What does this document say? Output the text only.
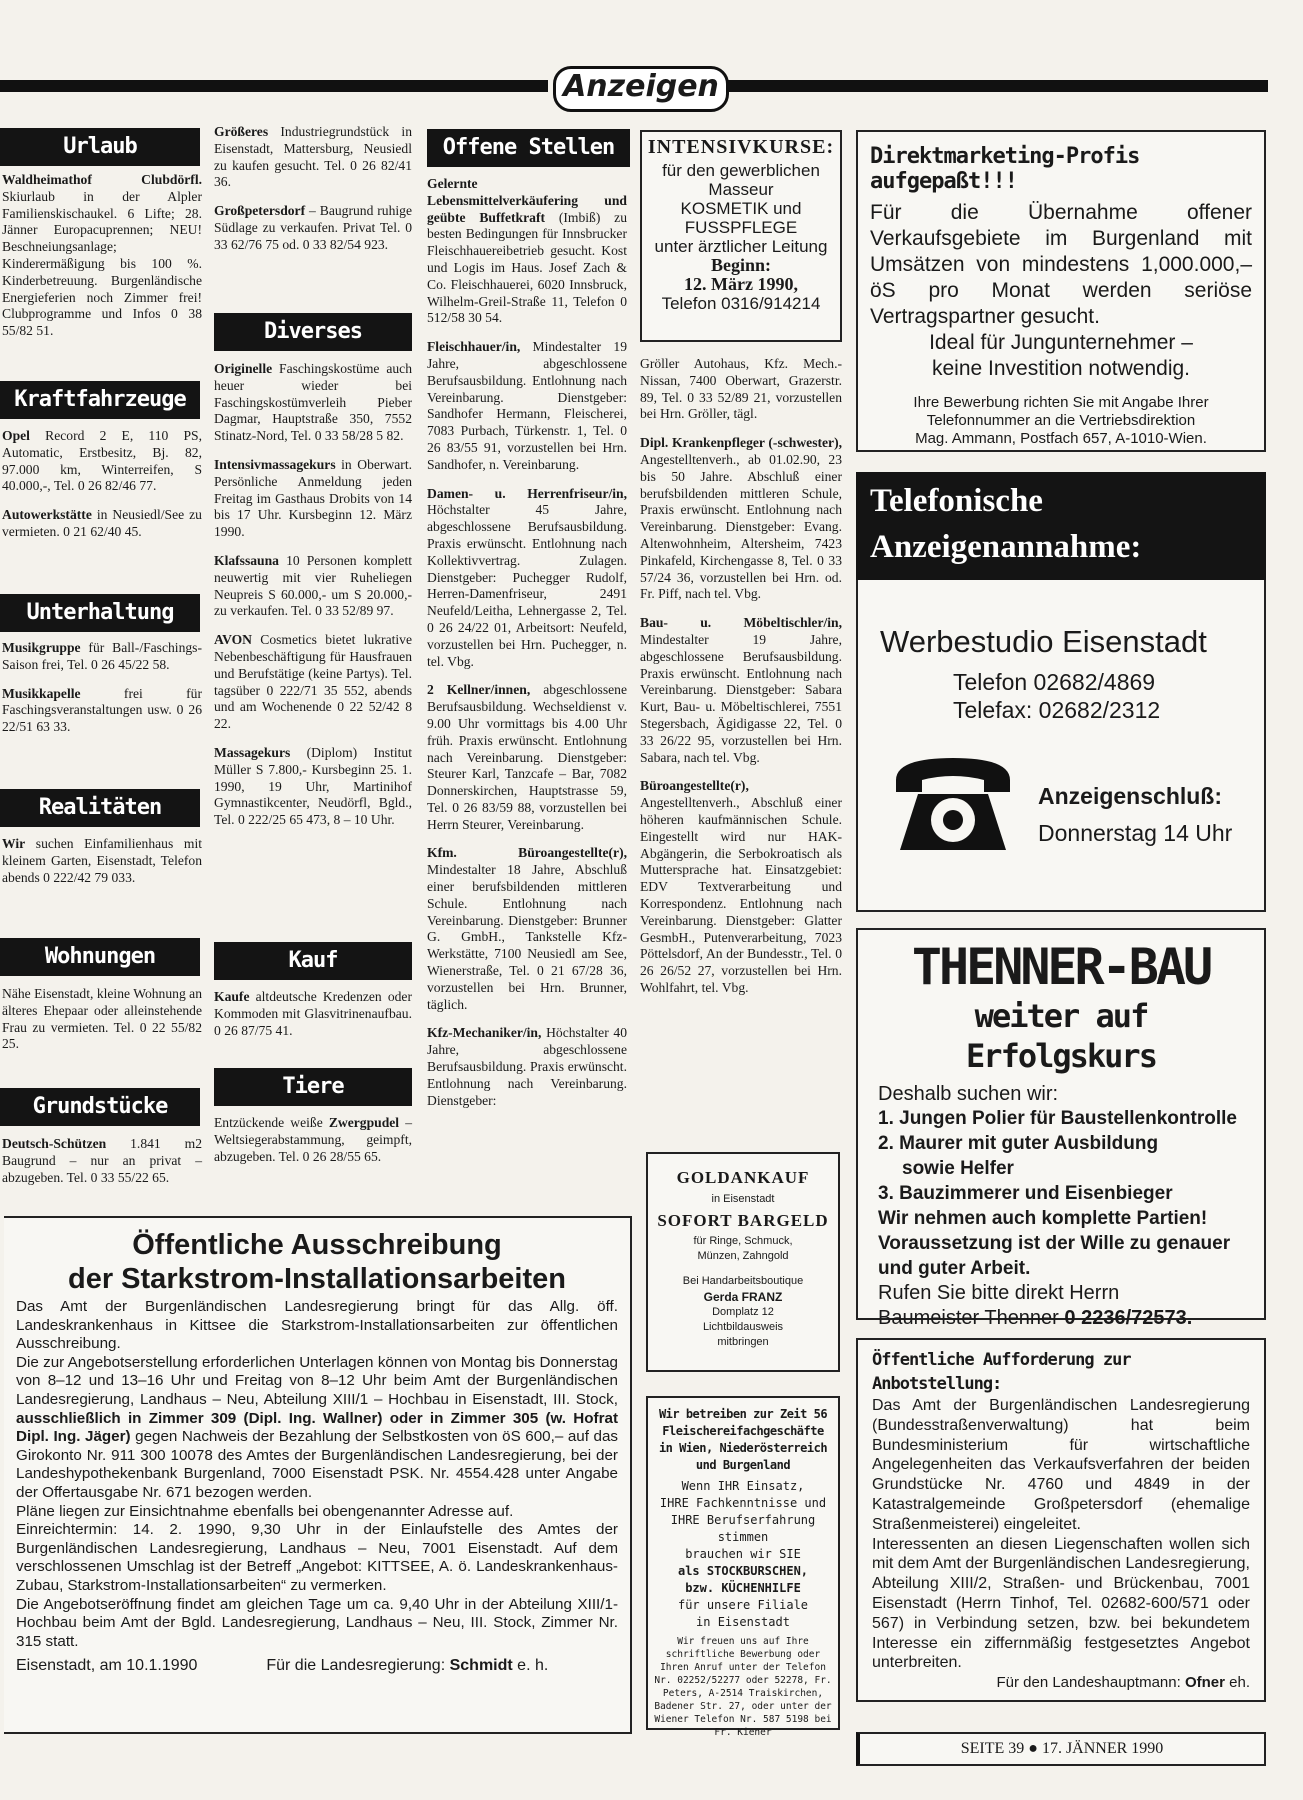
Anzeigen
Urlaub

Waldheimathof Clubdörfl. Skiurlaub in der Alpler Familienskischaukel. 6 Lifte; 28. Jänner Europacuprennen; NEU! Beschneiungsanlage; Kinderermäßigung bis 100 %. Kinderbetreuung. Burgenländische Energieferien noch Zimmer frei! Clubprogramme und Infos 0 38 55/82 51.

Kraftfahrzeuge

Opel Record 2 E, 110 PS, Automatic, Erstbesitz, Bj. 82, 97.000 km, Winterreifen, S 40.000,-, Tel. 0 26 82/46 77.

Autowerkstätte in Neusiedl/See zu vermieten. 0 21 62/40 45.

Unterhaltung

Musikgruppe für Ball-/Faschings-Saison frei, Tel. 0 26 45/22 58.

Musikkapelle	frei für Faschingsveranstaltungen usw. 0 26 22/51 63 33.

Realitäten

Wir suchen Einfamilienhaus mit kleinem Garten, Eisenstadt, Telefon abends 0 222/42 79 033.

Wohnungen

Nähe Eisenstadt, kleine Wohnung an älteres Ehepaar oder alleinstehende Frau zu vermieten. Tel. 0 22 55/82 25.

Grundstücke

Deutsch-Schützen 1.841 m2 Baugrund – nur an privat – abzugeben. Tel. 0 33 55/22 65.

Größeres Industriegrundstück in Eisenstadt, Mattersburg, Neusiedl zu kaufen gesucht. Tel. 0 26 82/41 36.

Großpetersdorf – Baugrund ruhige Südlage zu verkaufen. Privat Tel. 0 33 62/76 75 od. 0 33 82/54 923.

Diverses

Originelle Faschingskostüme auch heuer wieder bei Faschingskostümverleih Pieber Dagmar, Hauptstraße 350, 7552 Stinatz-Nord, Tel. 0 33 58/28 5 82.

Intensivmassagekurs in Oberwart. Persönliche Anmeldung jeden Freitag im Gasthaus Drobits von 14 bis 17 Uhr. Kursbeginn 12. März 1990.

Klafssauna 10 Personen komplett neuwertig mit vier Ruheliegen Neupreis S 60.000,- um S 20.000,- zu verkaufen. Tel. 0 33 52/89 97.

AVON Cosmetics bietet lukrative Nebenbeschäftigung für Hausfrauen und Berufstätige (keine Partys). Tel. tagsüber 0 222/71 35 552, abends und am Wochenende 0 22 52/42 8 22.

Massagekurs (Diplom) Institut Müller S 7.800,- Kursbeginn 25. 1. 1990, 19 Uhr, Martinihof Gymnastikcenter, Neudörfl, Bgld., Tel. 0 222/25 65 473, 8 – 10 Uhr.

Kauf

Kaufe altdeutsche Kredenzen oder Kommoden mit Glasvitrinenaufbau. 0 26 87/75 41.

Tiere

Entzückende weiße Zwergpudel – Weltsiegerabstammung, geimpft, abzugeben. Tel. 0 26 28/55 65.

Offene Stellen

Gelernte Lebensmittelverkäufering und geübte Buffetkraft (Imbiß) zu besten Bedingungen für Innsbrucker Fleischhauereibetrieb gesucht. Kost und Logis im Haus. Josef Zach & Co. Fleischhauerei, 6020 Innsbruck, Wilhelm-Greil-Straße 11, Telefon 0 512/58 30 54.

Fleischhauer/in, Mindestalter 19 Jahre, abgeschlossene Berufsausbildung. Entlohnung nach Vereinbarung. Dienstgeber: Sandhofer Hermann, Fleischerei, 7083 Purbach, Türkenstr. 1, Tel. 0 26 83/55 91, vorzustellen bei Hrn. Sandhofer, n. Vereinbarung.

Damen- u. Herrenfriseur/in, Höchstalter 45 Jahre, abgeschlossene Berufsausbildung. Praxis erwünscht. Entlohnung nach Kollektivvertrag. Zulagen. Dienstgeber: Puchegger Rudolf, Herren-Damenfriseur, 2491 Neufeld/Leitha, Lehnergasse 2, Tel. 0 26 24/22 01, Arbeitsort: Neufeld, vorzustellen bei Hrn. Puchegger, n. tel. Vbg.

2 Kellner/innen, abgeschlossene Berufsausbildung. Wechseldienst v. 9.00 Uhr vormittags bis 4.00 Uhr früh. Praxis erwünscht. Entlohnung nach Vereinbarung. Dienstgeber: Steurer Karl, Tanzcafe – Bar, 7082 Donnerskirchen, Hauptstrasse 59, Tel. 0 26 83/59 88, vorzustellen bei Herrn Steurer, Vereinbarung.

Kfm. Büroangestellte(r), Mindestalter 18 Jahre, Abschluß einer berufsbildenden mittleren Schule. Entlohnung nach Vereinbarung. Dienstgeber: Brunner G. GmbH., Tankstelle Kfz-Werkstätte, 7100 Neusiedl am See, Wienerstraße, Tel. 0 21 67/28 36, vorzustellen bei Hrn. Brunner, täglich.

Kfz-Mechaniker/in, Höchstalter 40 Jahre, abgeschlossene Berufsausbildung. Praxis erwünscht. Entlohnung nach Vereinbarung. Dienstgeber:

INTENSIVKURSE:
für den gewerblichen
Masseur
KOSMETIK und
FUSSPFLEGE
unter ärztlicher Leitung
Beginn:
12. März 1990,
Telefon 0316/914214

Gröller Autohaus, Kfz. Mech.-Nissan, 7400 Oberwart, Grazerstr. 89, Tel. 0 33 52/89 21, vorzustellen bei Hrn. Gröller, tägl.

Dipl. Krankenpfleger (-schwester), Angestelltenverh., ab 01.02.90, 23 bis 50 Jahre. Abschluß einer berufsbildenden mittleren Schule, Praxis erwünscht. Entlohnung nach Vereinbarung. Dienstgeber: Evang. Altenwohnheim, Altersheim, 7423 Pinkafeld, Kirchengasse 8, Tel. 0 33 57/24 36, vorzustellen bei Hrn. od. Fr. Piff, nach tel. Vbg.

Bau- u. Möbeltischler/in, Mindestalter 19 Jahre, abgeschlossene Berufsausbildung. Praxis erwünscht. Entlohnung nach Vereinbarung. Dienstgeber: Sabara Kurt, Bau- u. Möbeltischlerei, 7551 Stegersbach, Ägidigasse 22, Tel. 0 33 26/22 95, vorzustellen bei Hrn. Sabara, nach tel. Vbg.

Büroangestellte(r), Angestelltenverh., Abschluß einer höheren kaufmännischen Schule. Eingestellt wird nur HAK-Abgängerin, die Serbokroatisch als Muttersprache hat. Einsatzgebiet: EDV Textverarbeitung und Korrespondenz. Entlohnung nach Vereinbarung. Dienstgeber: Glatter GesmbH., Putenverarbeitung, 7023 Pöttelsdorf, An der Bundesstr., Tel. 0 26 26/52 27, vorzustellen bei Hrn. Wohlfahrt, tel. Vbg.

Direktmarketing-Profis aufgepaßt!!!
Für die Übernahme offener Verkaufsgebiete im Burgenland mit Umsätzen von mindestens 1,000.000,– öS pro Monat werden seriöse Vertragspartner gesucht.
Ideal für Jungunternehmer –
keine Investition notwendig.
Ihre Bewerbung richten Sie mit Angabe Ihrer
Telefonnummer an die Vertriebsdirektion
Mag. Ammann, Postfach 657, A-1010-Wien.
Telefonische
Anzeigenannahme:
Werbestudio Eisenstadt
Telefon 02682/4869
Telefax: 02682/2312
Anzeigenschluß:
Donnerstag 14 Uhr
THENNER-BAU
weiter auf Erfolgskurs
Deshalb suchen wir:
1. Jungen Polier für Baustellenkontrolle
2. Maurer mit guter Ausbildung
sowie Helfer
3. Bauzimmerer und Eisenbieger
Wir nehmen auch komplette Partien!
Voraussetzung ist der Wille zu genauer und guter Arbeit.
Rufen Sie bitte direkt Herrn
Baumeister Thenner 0 2236/72573.
GOLDANKAUF
in Eisenstadt
SOFORT BARGELD
für Ringe, Schmuck,
Münzen, Zahngold
Bei Handarbeitsboutique
Gerda FRANZ
Domplatz 12
Lichtbildausweis
mitbringen
Wir betreiben zur Zeit 56 Fleischereifachgeschäfte in Wien, Niederösterreich und Burgenland
Wenn IHR Einsatz,
IHRE Fachkenntnisse und
IHRE Berufserfahrung
stimmen
brauchen wir SIE
als STOCKBURSCHEN,
bzw. KÜCHENHILFE
für unsere Filiale
in Eisenstadt
Wir freuen uns auf Ihre schriftliche Bewerbung oder Ihren Anruf unter der Telefon Nr. 02252/52277 oder 52278, Fr. Peters, A-2514 Traiskirchen, Badener Str. 27, oder unter der Wiener Telefon Nr. 587 5198 bei Fr. Kiener
Öffentliche Ausschreibung
der Starkstrom-Installationsarbeiten
Das Amt der Burgenländischen Landesregierung bringt für das Allg. öff. Landeskrankenhaus in Kittsee die Starkstrom-Installationsarbeiten zur öffentlichen Ausschreibung.
Die zur Angebotserstellung erforderlichen Unterlagen können von Montag bis Donnerstag von 8–12 und 13–16 Uhr und Freitag von 8–12 Uhr beim Amt der Burgenländischen Landesregierung, Landhaus – Neu, Abteilung XIII/1 – Hochbau in Eisenstadt, III. Stock, ausschließlich in Zimmer 309 (Dipl. Ing. Wallner) oder in Zimmer 305 (w. Hofrat Dipl. Ing. Jäger) gegen Nachweis der Bezahlung der Selbstkosten von öS 600,– auf das Girokonto Nr. 911 300 10078 des Amtes der Burgenländischen Landesregierung, bei der Landeshypothekenbank Burgenland, 7000 Eisenstadt PSK. Nr. 4554.428 unter Angabe der Offertausgabe Nr. 671 bezogen werden.
Pläne liegen zur Einsichtnahme ebenfalls bei obengenannter Adresse auf.
Einreichtermin: 14. 2. 1990, 9,30 Uhr in der Einlaufstelle des Amtes der Burgenländischen Landesregierung, Landhaus – Neu, 7001 Eisenstadt. Auf dem verschlossenen Umschlag ist der Betreff „Angebot: KITTSEE, A. ö. Landeskrankenhaus-Zubau, Starkstrom-Installationsarbeiten“ zu vermerken.
Die Angebotseröffnung findet am gleichen Tage um ca. 9,40 Uhr in der Abteilung XIII/1-Hochbau beim Amt der Bgld. Landesregierung, Landhaus – Neu, III. Stock, Zimmer Nr. 315 statt.
Eisenstadt, am 10.1.1990	Für die Landesregierung: Schmidt e. h.
Öffentliche Aufforderung zur Anbotstellung:
Das Amt der Burgenländischen Landesregierung (Bundesstraßenverwaltung) hat beim Bundesministerium für wirtschaftliche Angelegenheiten das Verkaufsverfahren der beiden Grundstücke Nr. 4760 und 4849 in der Katastralgemeinde Großpetersdorf (ehemalige Straßenmeisterei) eingeleitet.
Interessenten an diesen Liegenschaften wollen sich mit dem Amt der Burgenländischen Landesregierung, Abteilung XIII/2, Straßen- und Brückenbau, 7001 Eisenstadt (Herrn Tinhof, Tel. 02682-600/571 oder 567) in Verbindung setzen, bzw. bei bekundetem Interesse ein ziffernmäßig festgesetztes Angebot unterbreiten.
Für den Landeshauptmann: Ofner eh.
SEITE 39 ● 17. JÄNNER 1990
